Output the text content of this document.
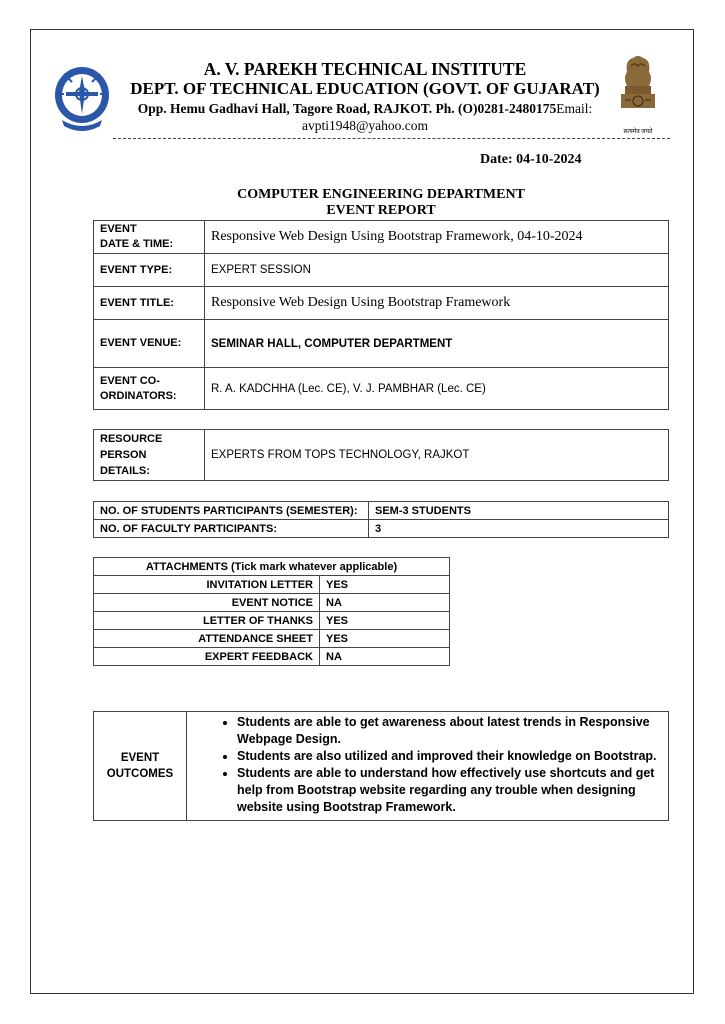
सत्यमेव जयते
A. V. PAREKH TECHNICAL INSTITUTE
DEPT. OF TECHNICAL EDUCATION (GOVT. OF GUJARAT)
Opp. Hemu Gadhavi Hall, Tagore Road, RAJKOT. Ph. (O)0281-2480175Email: avpti1948@yahoo.com
Date: 04-10-2024
COMPUTER ENGINEERING DEPARTMENT
EVENT REPORT
EVENT
DATE & TIME:	Responsive Web Design Using Bootstrap Framework, 04-10-2024
EVENT TYPE:	EXPERT SESSION
EVENT TITLE:	Responsive Web Design Using Bootstrap Framework
EVENT VENUE:	SEMINAR HALL, COMPUTER DEPARTMENT
EVENT CO-
ORDINATORS:	R. A. KADCHHA (Lec. CE), V. J. PAMBHAR (Lec. CE)
RESOURCE
PERSON
DETAILS:	EXPERTS FROM TOPS TECHNOLOGY, RAJKOT
NO. OF STUDENTS PARTICIPANTS (SEMESTER):	SEM-3 STUDENTS
NO. OF FACULTY PARTICIPANTS:	3
ATTACHMENTS (Tick mark whatever applicable)	
INVITATION LETTER	YES
EVENT NOTICE	NA
LETTER OF THANKS	YES
ATTENDANCE SHEET	YES
EXPERT FEEDBACK	NA
EVENT
OUTCOMES	
• Students are able to get awareness about latest trends in Responsive Webpage Design.
• Students are also utilized and improved their knowledge on Bootstrap.
• Students are able to understand how effectively use shortcuts and get help from Bootstrap website regarding any trouble when designing website using Bootstrap Framework.
